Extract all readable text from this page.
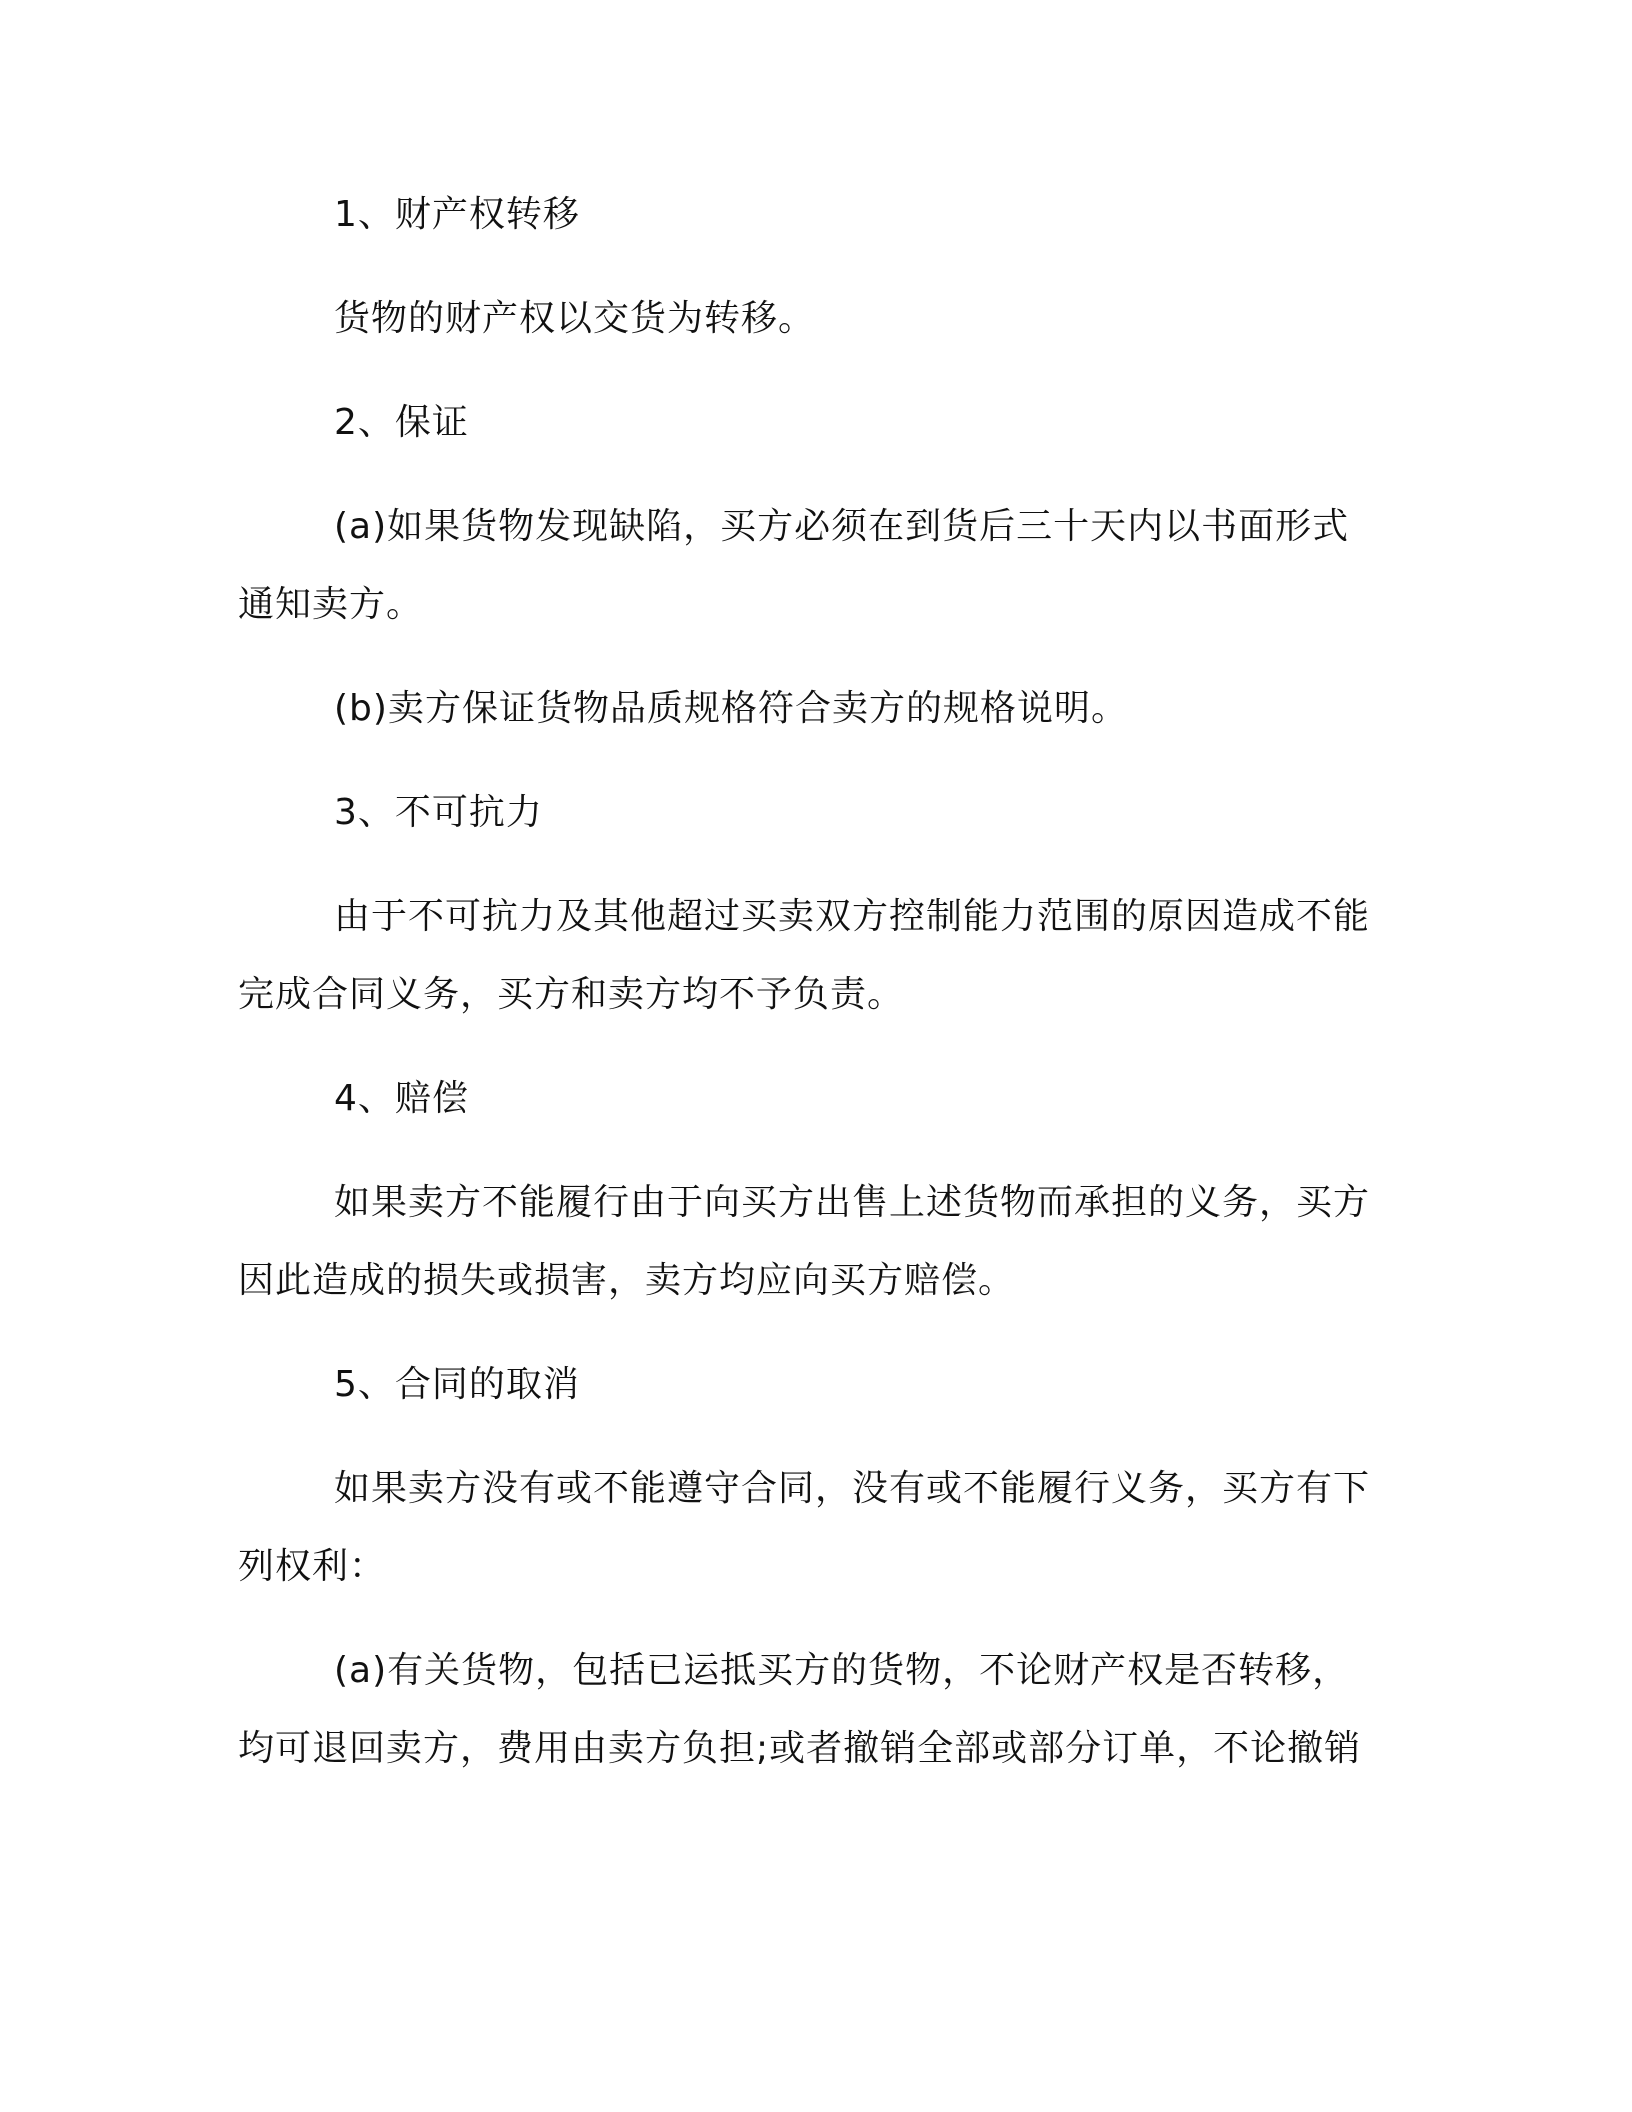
1、财产权转移

货物的财产权以交货为转移。

2、保证

(a)如果货物发现缺陷，买方必须在到货后三十天内以书面形式通知卖方。

(b)卖方保证货物品质规格符合卖方的规格说明。

3、不可抗力

由于不可抗力及其他超过买卖双方控制能力范围的原因造成不能完成合同义务，买方和卖方均不予负责。

4、赔偿

如果卖方不能履行由于向买方出售上述货物而承担的义务，买方因此造成的损失或损害，卖方均应向买方赔偿。

5、合同的取消

如果卖方没有或不能遵守合同，没有或不能履行义务，买方有下列权利：

(a)有关货物，包括已运抵买方的货物，不论财产权是否转移，均可退回卖方，费用由卖方负担;或者撤销全部或部分订单，不论撤销
